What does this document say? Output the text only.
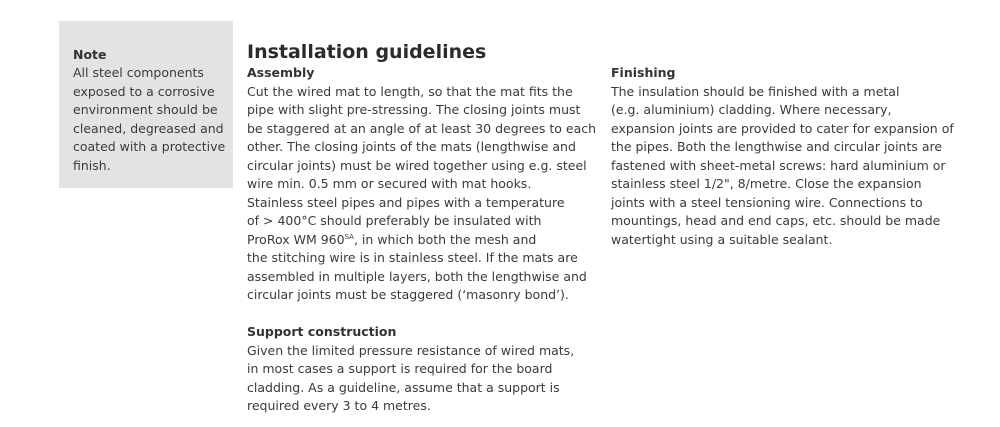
Note

All steel components
exposed to a corrosive
environment should be
cleaned, degreased and
coated with a protective
finish.
Installation guidelines

Assembly

Cut the wired mat to length, so that the mat fits the
pipe with slight pre-stressing. The closing joints must
be staggered at an angle of at least 30 degrees to each
other. The closing joints of the mats (lengthwise and
circular joints) must be wired together using e.g. steel
wire min. 0.5 mm or secured with mat hooks.
Stainless steel pipes and pipes with a temperature
of > 400°C should preferably be insulated with
ProRox WM $960^{SA}$, in which both the mesh and
the stitching wire is in stainless steel. If the mats are
assembled in multiple layers, both the lengthwise and
circular joints must be staggered (‘masonry bond’).

Support construction

Given the limited pressure resistance of wired mats,
in most cases a support is required for the board
cladding. As a guideline, assume that a support is
required every 3 to 4 metres.

Finishing

The insulation should be finished with a metal
(e.g. aluminium) cladding. Where necessary,
expansion joints are provided to cater for expansion of
the pipes. Both the lengthwise and circular joints are
fastened with sheet-metal screws: hard aluminium or
stainless steel 1/2", 8/metre. Close the expansion
joints with a steel tensioning wire. Connections to
mountings, head and end caps, etc. should be made
watertight using a suitable sealant.
